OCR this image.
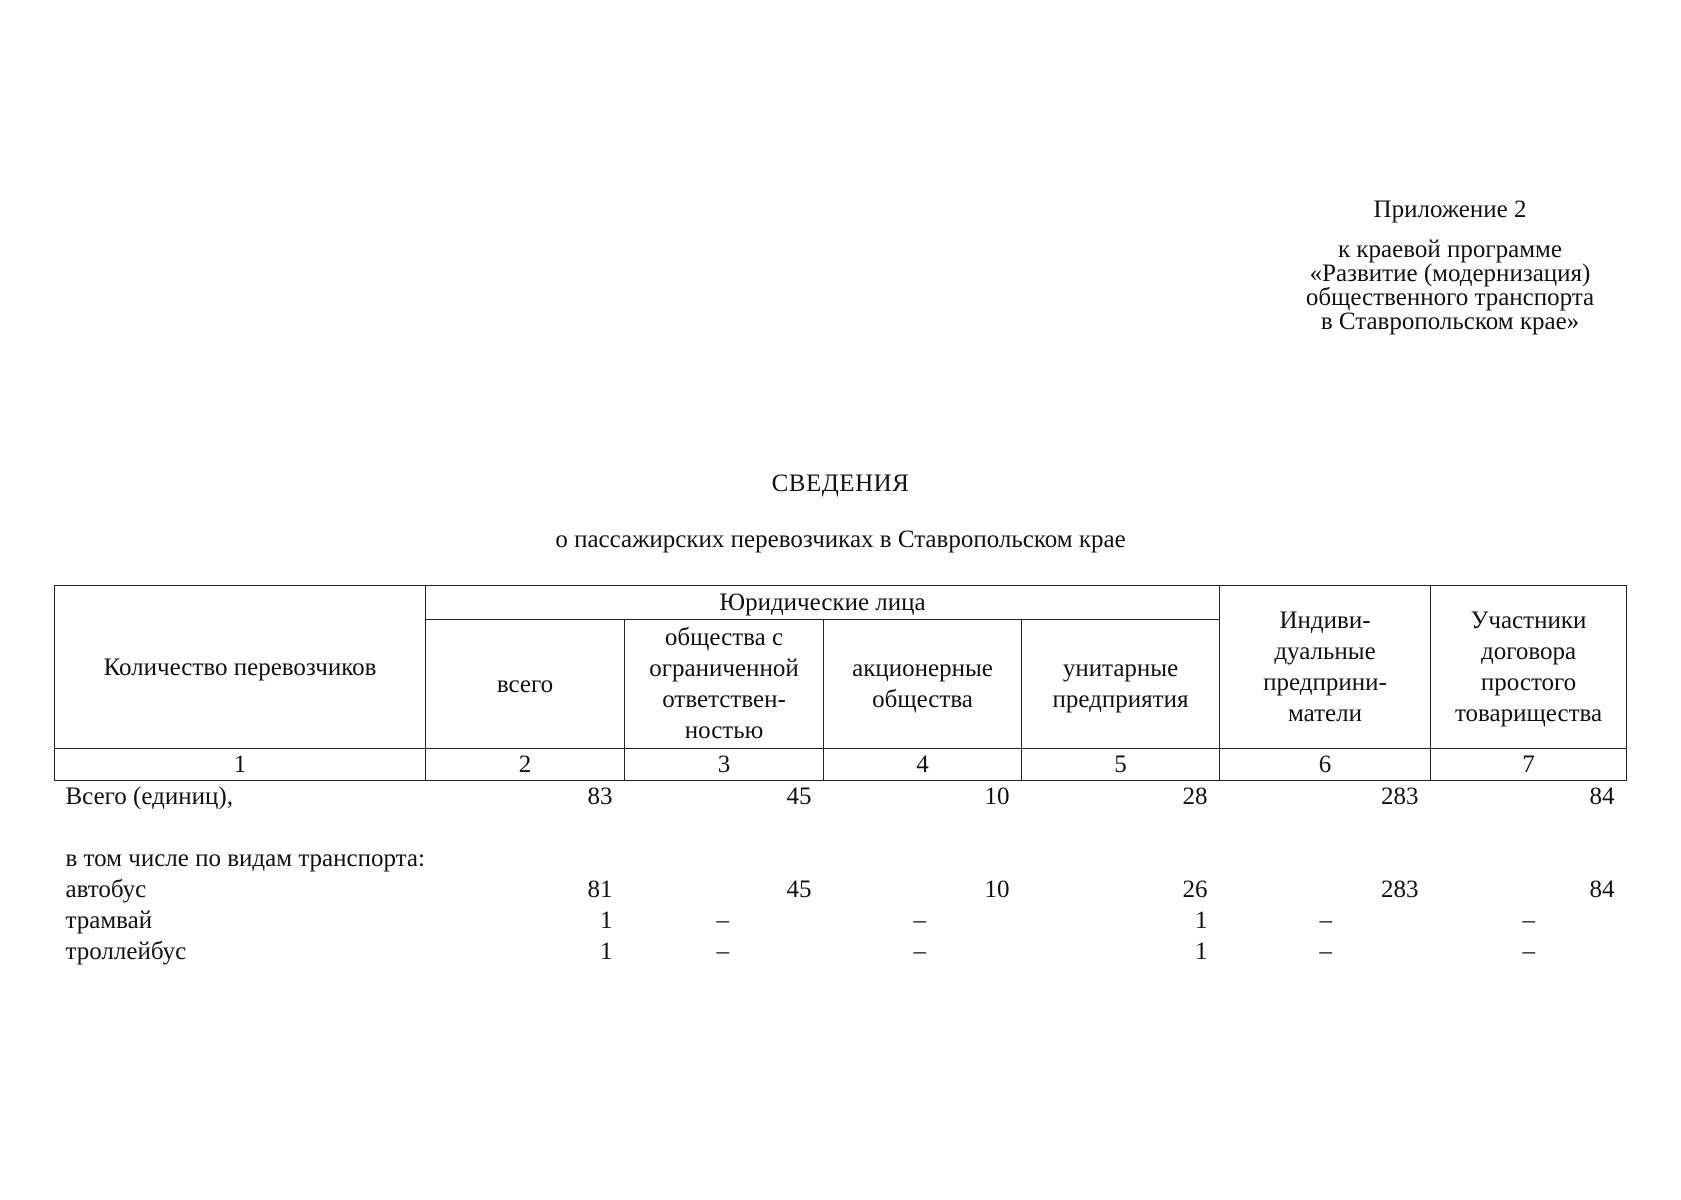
Приложение 2
к краевой программе
«Развитие (модернизация)
общественного транспорта
в Ставропольском крае»
СВЕДЕНИЯ
о пассажирских перевозчиках в Ставропольском крае
Количество перевозчиков	Юридические лица				Индиви-дуальные предприни-матели	Участники договора простого товарищества
	всего	общества с ограниченной ответствен-ностью	акционерные общества	унитарные предприятия		
1	2	3	4	5	6	7
Всего (единиц),	83	45	10	28	283	84

в том числе по видам транспорта:						
автобус	81	45	10	26	283	84
трамвай	1	–	–	1	–	–
троллейбус	1	–	–	1	–	–
